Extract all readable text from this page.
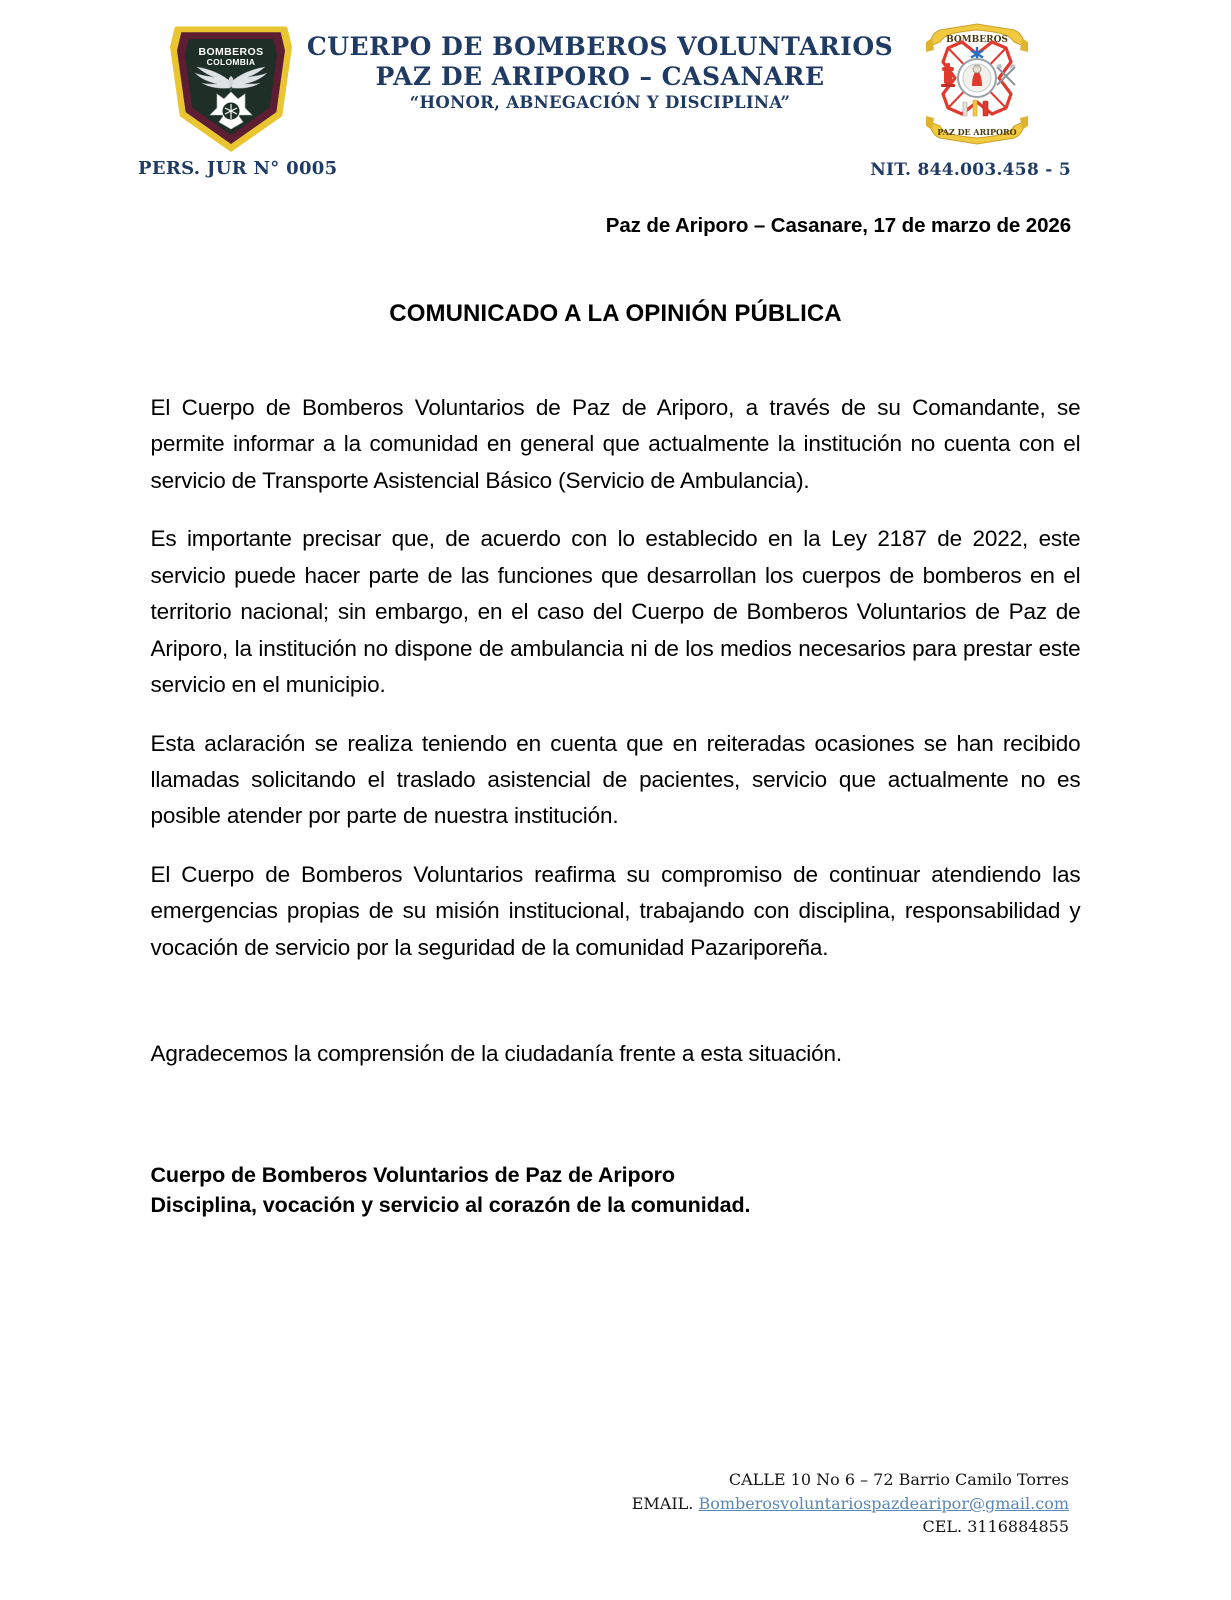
BOMBEROS
COLOMBIA
CUERPO DE BOMBEROS VOLUNTARIOS
PAZ DE ARIPORO – CASANARE
“HONOR, ABNEGACIÓN Y DISCIPLINA”
BOMBEROS
PAZ DE ARIPORO
PERS. JUR N° 0005	NIT. 844.003.458 - 5
Paz de Ariporo – Casanare, 17 de marzo de 2026
COMUNICADO A LA OPINIÓN PÚBLICA

El Cuerpo de Bomberos Voluntarios de Paz de Ariporo, a través de su Comandante, se permite informar a la comunidad en general que actualmente la institución no cuenta con el servicio de Transporte Asistencial Básico (Servicio de Ambulancia).

Es importante precisar que, de acuerdo con lo establecido en la Ley 2187 de 2022, este servicio puede hacer parte de las funciones que desarrollan los cuerpos de bomberos en el territorio nacional; sin embargo, en el caso del Cuerpo de Bomberos Voluntarios de Paz de Ariporo, la institución no dispone de ambulancia ni de los medios necesarios para prestar este servicio en el municipio.

Esta aclaración se realiza teniendo en cuenta que en reiteradas ocasiones se han recibido llamadas solicitando el traslado asistencial de pacientes, servicio que actualmente no es posible atender por parte de nuestra institución.

El Cuerpo de Bomberos Voluntarios reafirma su compromiso de continuar atendiendo las emergencias propias de su misión institucional, trabajando con disciplina, responsabilidad y vocación de servicio por la seguridad de la comunidad Pazariporeña.

Agradecemos la comprensión de la ciudadanía frente a esta situación.

Cuerpo de Bomberos Voluntarios de Paz de Ariporo
Disciplina, vocación y servicio al corazón de la comunidad.
CALLE 10 No 6 – 72 Barrio Camilo Torres
EMAIL. Bomberosvoluntariospazdearipor@gmail.com
CEL. 3116884855
